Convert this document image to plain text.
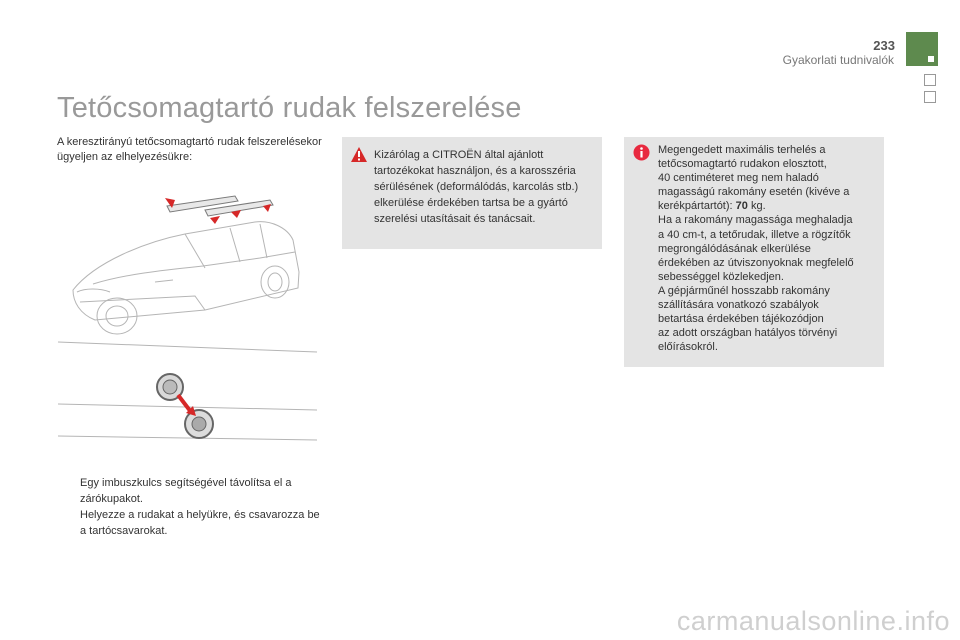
233
Gyakorlati tudnivalók
Tetőcsomagtartó rudak felszerelése

A keresztirányú tetőcsomagtartó rudak felszerelésekor ügyeljen az elhelyezésükre:

Egy imbuszkulcs segítségével távolítsa el a zárókupakot.
Helyezze a rudakat a helyükre, és csavarozza be a tartócsavarokat.

Kizárólag a CITROËN által ajánlott tartozékokat használjon, és a karosszéria sérülésének (deformálódás, karcolás stb.) elkerülése érdekében tartsa be a gyártó szerelési utasításait és tanácsait.

Megengedett maximális terhelés a
tetőcsomagtartó rudakon elosztott,
40 centiméteret meg nem haladó
magasságú rakomány esetén (kivéve a
kerékpártartót): 70 kg.
Ha a rakomány magassága meghaladja
a 40 cm-t, a tetőrudak, illetve a rögzítők
megrongálódásának elkerülése
érdekében az útviszonyoknak megfelelő
sebességgel közlekedjen.
A gépjárműnél hosszabb rakomány
szállítására vonatkozó szabályok
betartása érdekében tájékozódjon
az adott országban hatályos törvényi
előírásokról.
carmanualsonline.info
